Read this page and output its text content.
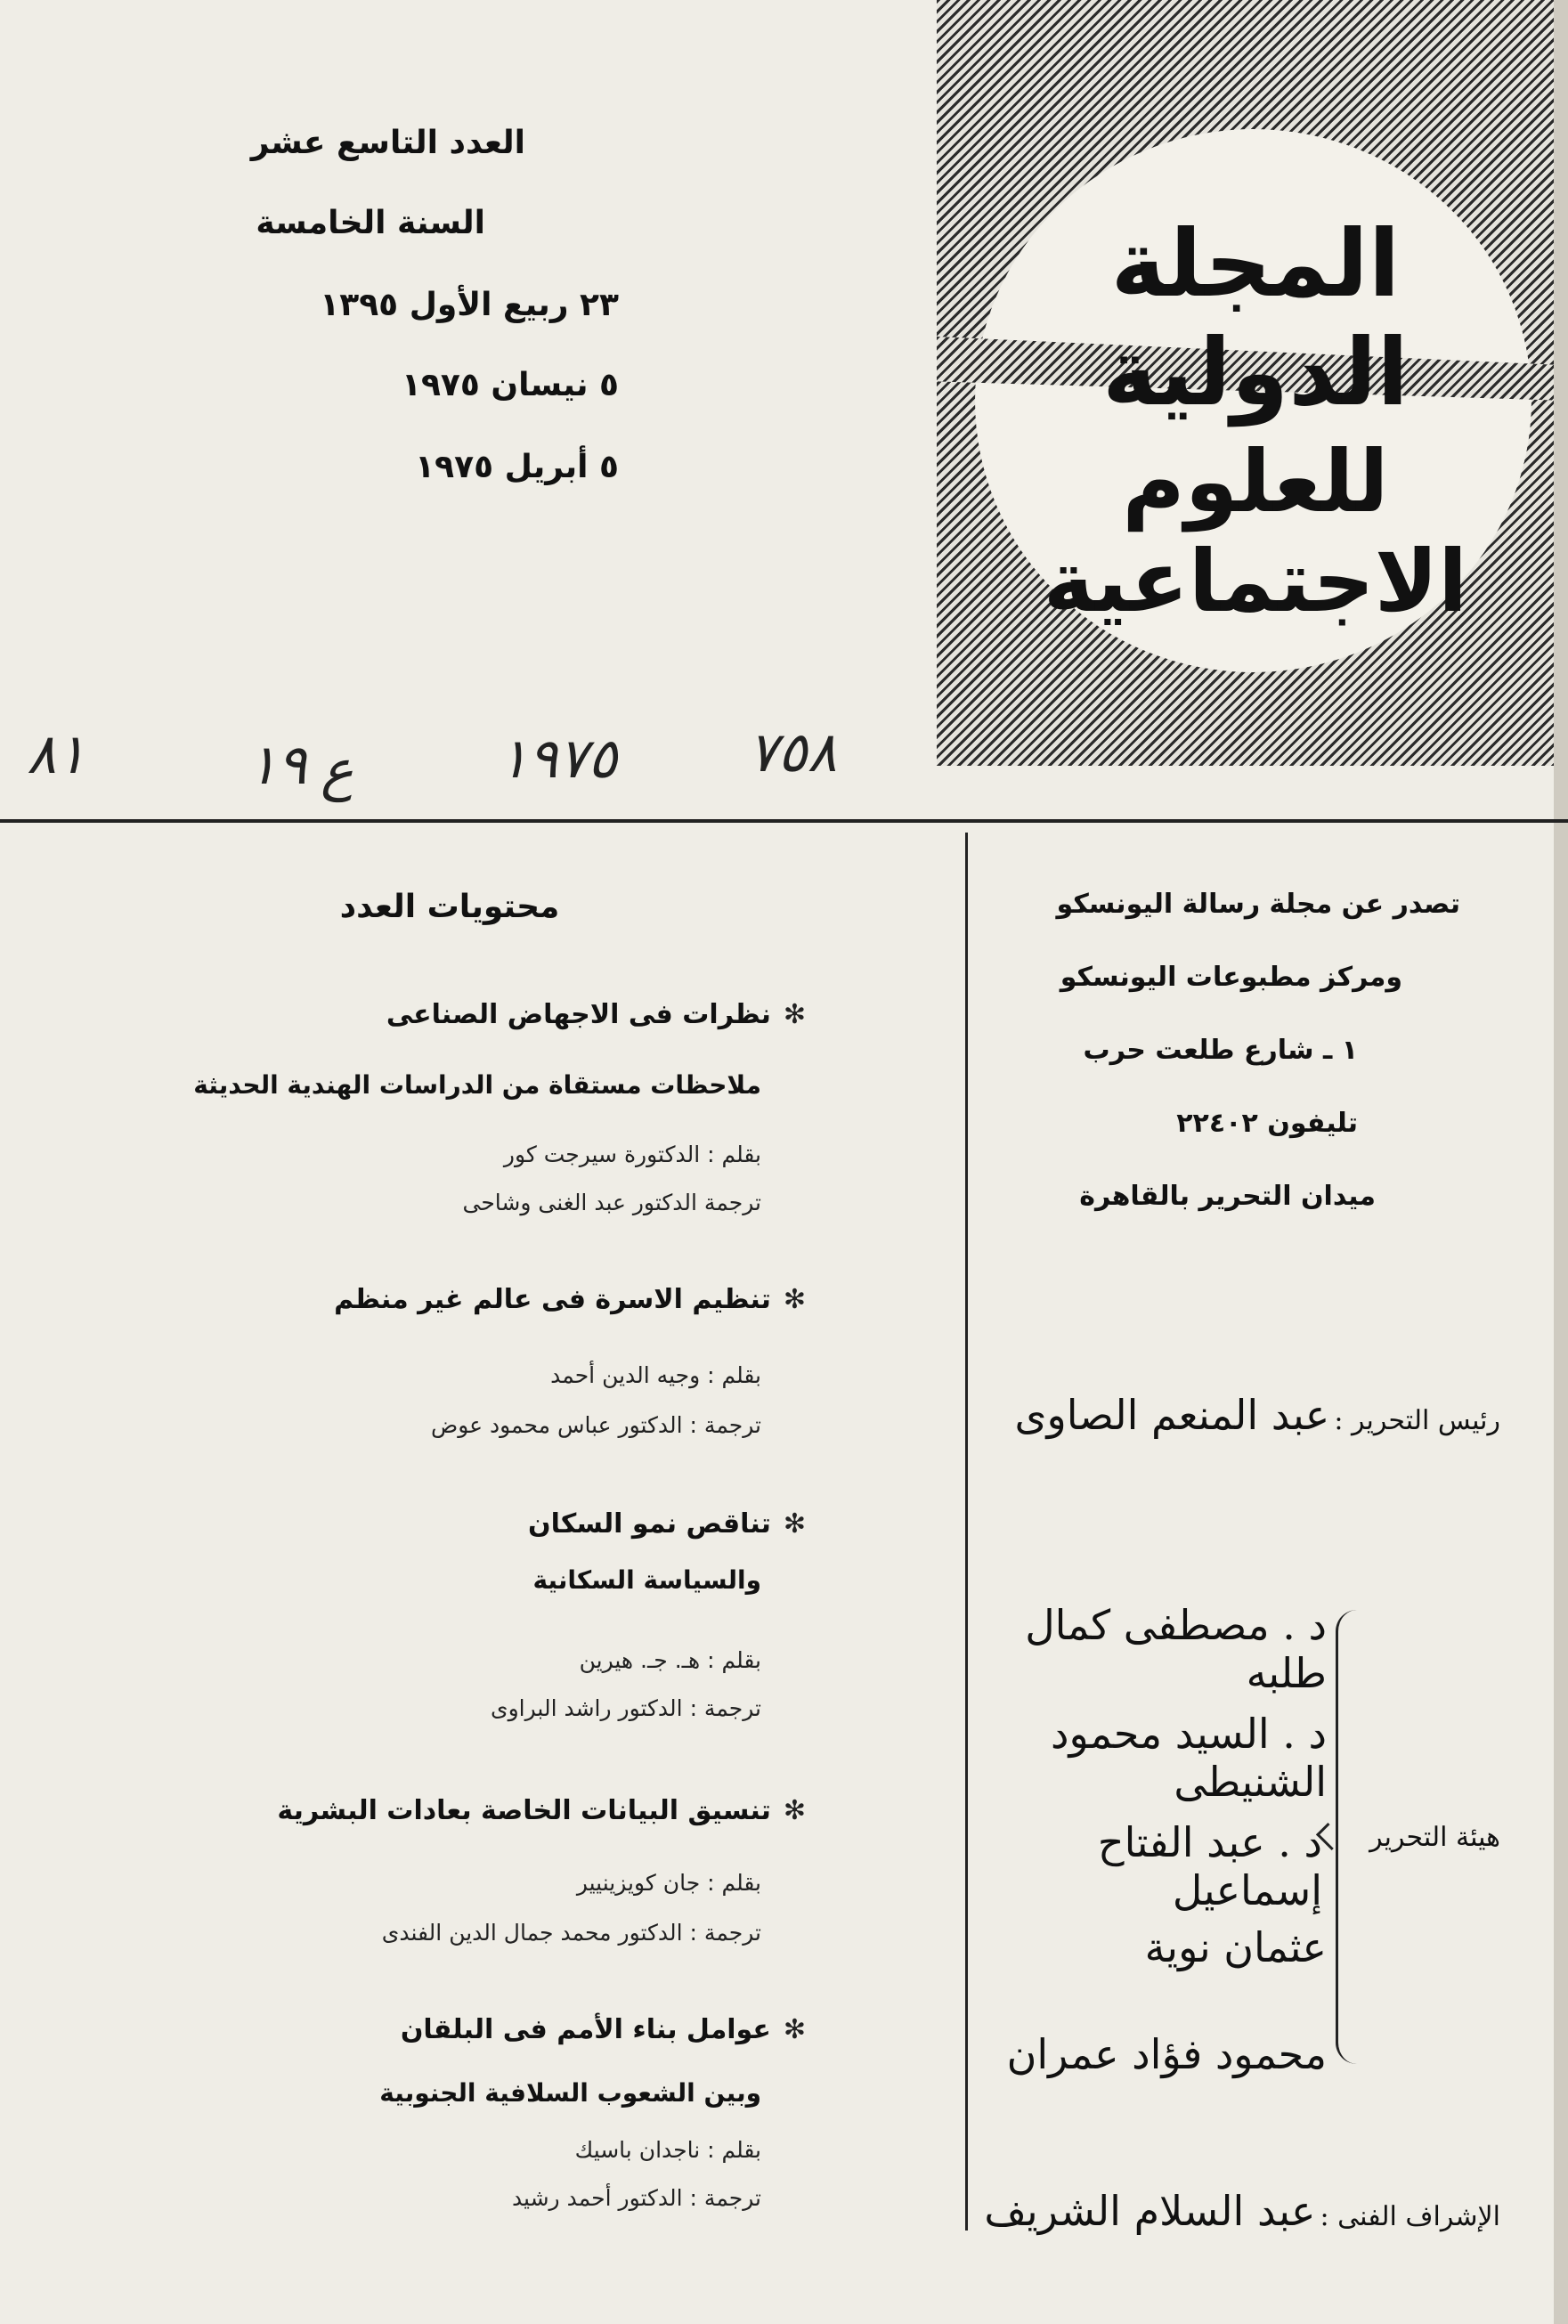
المجلة الدولية
للعلوم الاجتماعية
العدد التاسع عشر
السنة الخامسة
٢٣ ربيع الأول ١٣٩٥
٥ نيسان ١٩٧٥
٥ أبريل ١٩٧٥
٨١	١٩ ع	١٩٧٥ ٧٥٨
محتويات العدد
✻نظرات فى الاجهاض الصناعى
ملاحظات مستقاة من الدراسات الهندية الحديثة
بقلم : الدكتورة سيرجت كور
ترجمة الدكتور عبد الغنى وشاحى
✻تنظيم الاسرة فى عالم غير منظم
بقلم : وجيه الدين أحمد
ترجمة : الدكتور عباس محمود عوض
✻تناقص نمو السكان
والسياسة السكانية
بقلم : هـ. جـ. هيرين
ترجمة : الدكتور راشد البراوى
✻تنسيق البيانات الخاصة بعادات البشرية
بقلم : جان كويزينيير
ترجمة : الدكتور محمد جمال الدين الفندى
✻عوامل بناء الأمم فى البلقان
وبين الشعوب السلافية الجنوبية
بقلم : ناجدان باسيك
ترجمة : الدكتور أحمد رشيد
تصدر عن مجلة رسالة اليونسكو
ومركز مطبوعات اليونسكو
١ ـ شارع طلعت حرب
تليفون ٢٢٤٠٢
ميدان التحرير بالقاهرة
رئيس التحرير : عبد المنعم الصاوى
هيئة التحرير
د . مصطفى كمال طلبه
د . السيد محمود الشنيطى
د . عبد الفتاح إسماعيل
عثمان نوية
محمود فؤاد عمران
الإشراف الفنى : عبد السلام الشريف
